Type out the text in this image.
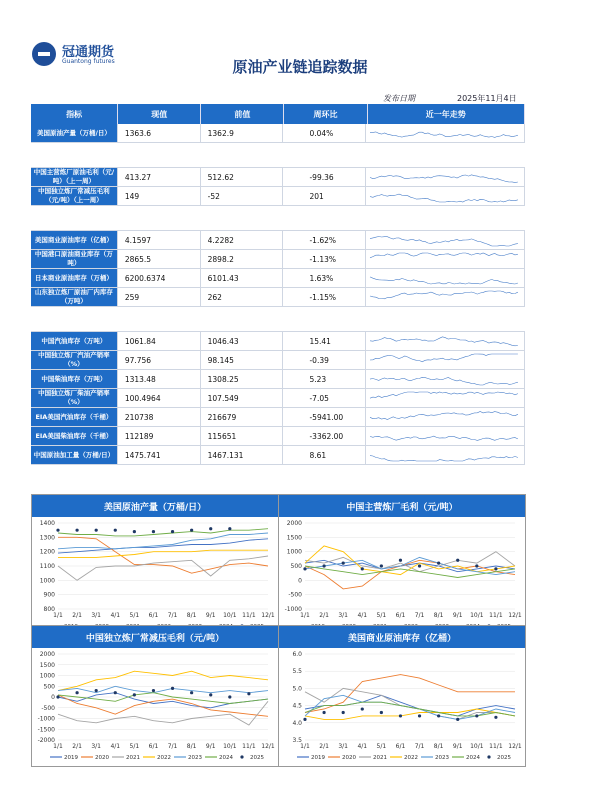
冠通期货
Guantong futures	原油产业链追踪数据
发布日期	2025年11月4日
指标	现值	前值	周环比	近一年走势
美国原油产量（万桶/日）	1363.6	1362.9	0.04%
中国主营炼厂原油毛利（元/吨）（上一周）	413.27	512.62	-99.36
中国独立炼厂常减压毛利（元/吨）（上一周）	149	-52	201
美国商业原油库存（亿桶）	4.1597	4.2282	-1.62%
中国港口原油商业库存（万吨）	2865.5	2898.2	-1.13%
日本商业原油库存（万桶）	6200.6374	6101.43	1.63%
山东独立炼厂原油厂内库存（万吨）	259	262	-1.15%
中国汽油库存（万吨）	1061.84	1046.43	15.41
中国独立炼厂汽油产销率（%）	97.756	98.145	-0.39
中国柴油库存（万吨）	1313.48	1308.25	5.23
中国独立炼厂柴油产销率（%）	100.4964	107.549	-7.05
EIA美国汽油库存（千桶）	210738	216679	-5941.00
EIA美国柴油库存（千桶）	112189	115651	-3362.00
中国原油加工量（万桶/日）	1475.741	1467.131	8.61
美国原油产量（万桶/日）
1400
1300
1200
1100
1000
900
800
1/1 2/1 3/1 4/1 5/1 6/1 7/1 8/1 9/1 10/1 11/1 12/1
中国主营炼厂毛利（元/吨）
2000
1500
1000
500
0
-500
-1000
1/1 2/1 3/1 4/1 5/1 6/1 7/1 8/1 9/1 10/1 11/1 12/1
中国独立炼厂常减压毛利（元/吨）
2000
1500
1000
500
0
-500
-1000
-1500
-2000
1/1 2/1 3/1 4/1 5/1 6/1 7/1 8/1 9/1 10/1 11/1 12/1
2019	2020	2021	2022	2023	2024	2025
美国商业原油库存（亿桶）
6.0
5.5
5.0
4.5
4.0
3.5
1/1 2/1 3/1 4/1 5/1 6/1 7/1 8/1 9/1 10/1 11/1 12/1
2019	2020	2021	2022	2023	2024	2025
